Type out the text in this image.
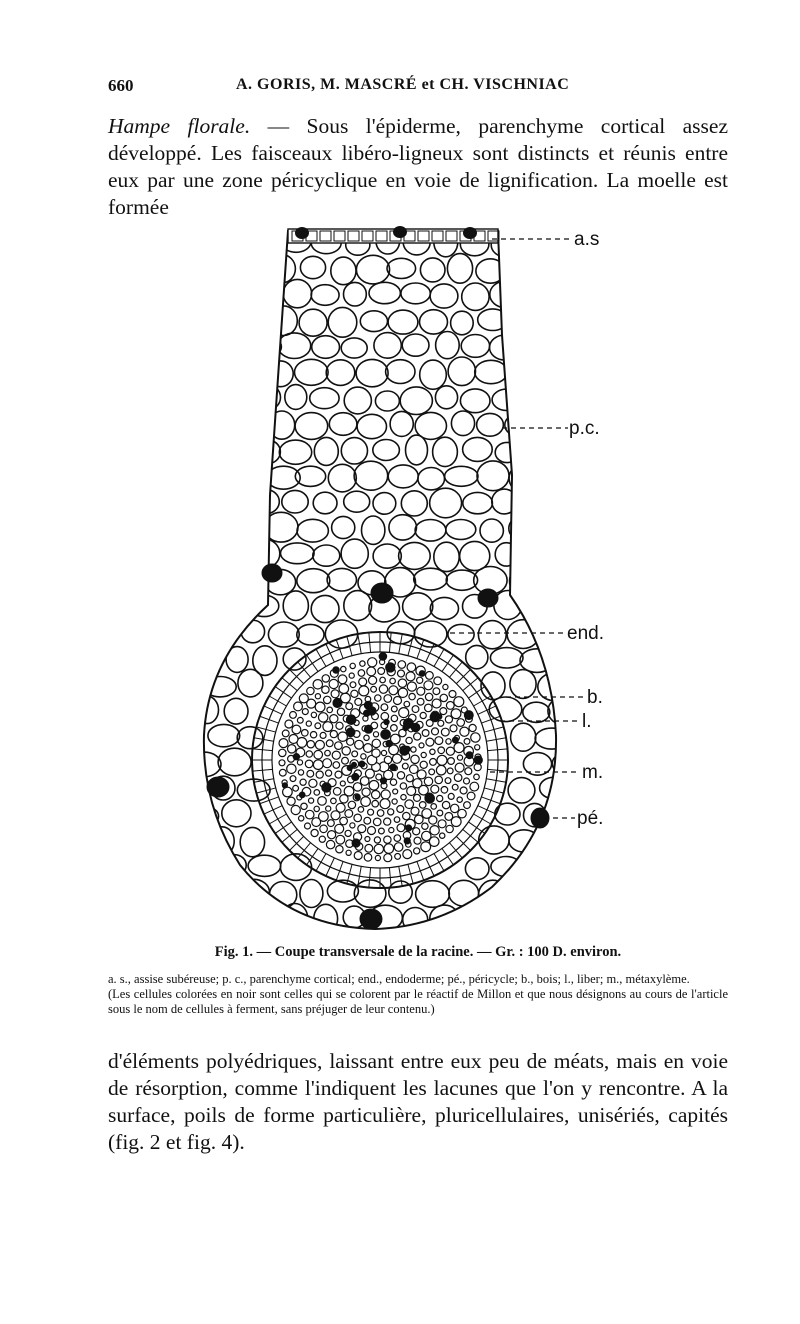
660	A. GORIS, M. MASCRÉ et CH. VISCHNIAC
Hampe florale. — Sous l'épiderme, parenchyme cortical assez développé. Les faisceaux libéro-ligneux sont distincts et réunis entre eux par une zone péricyclique en voie de lignification. La moelle est formée
a.s
p.c.
end.
b.
l.
m.
pé.
Fig. 1. — Coupe transversale de la racine. — Gr. : 100 D. environ.
a. s., assise subéreuse; p. c., parenchyme cortical; end., endoderme; pé., péricycle; b., bois; l., liber; m., métaxylème.
(Les cellules colorées en noir sont celles qui se colorent par le réactif de Millon et que nous désignons au cours de l'article sous le nom de cellules à ferment, sans préjuger de leur contenu.)
d'éléments polyédriques, laissant entre eux peu de méats, mais en voie de résorption, comme l'indiquent les lacunes que l'on y rencontre. A la surface, poils de forme particulière, pluricellulaires, unisériés, capités (fig. 2 et fig. 4).
